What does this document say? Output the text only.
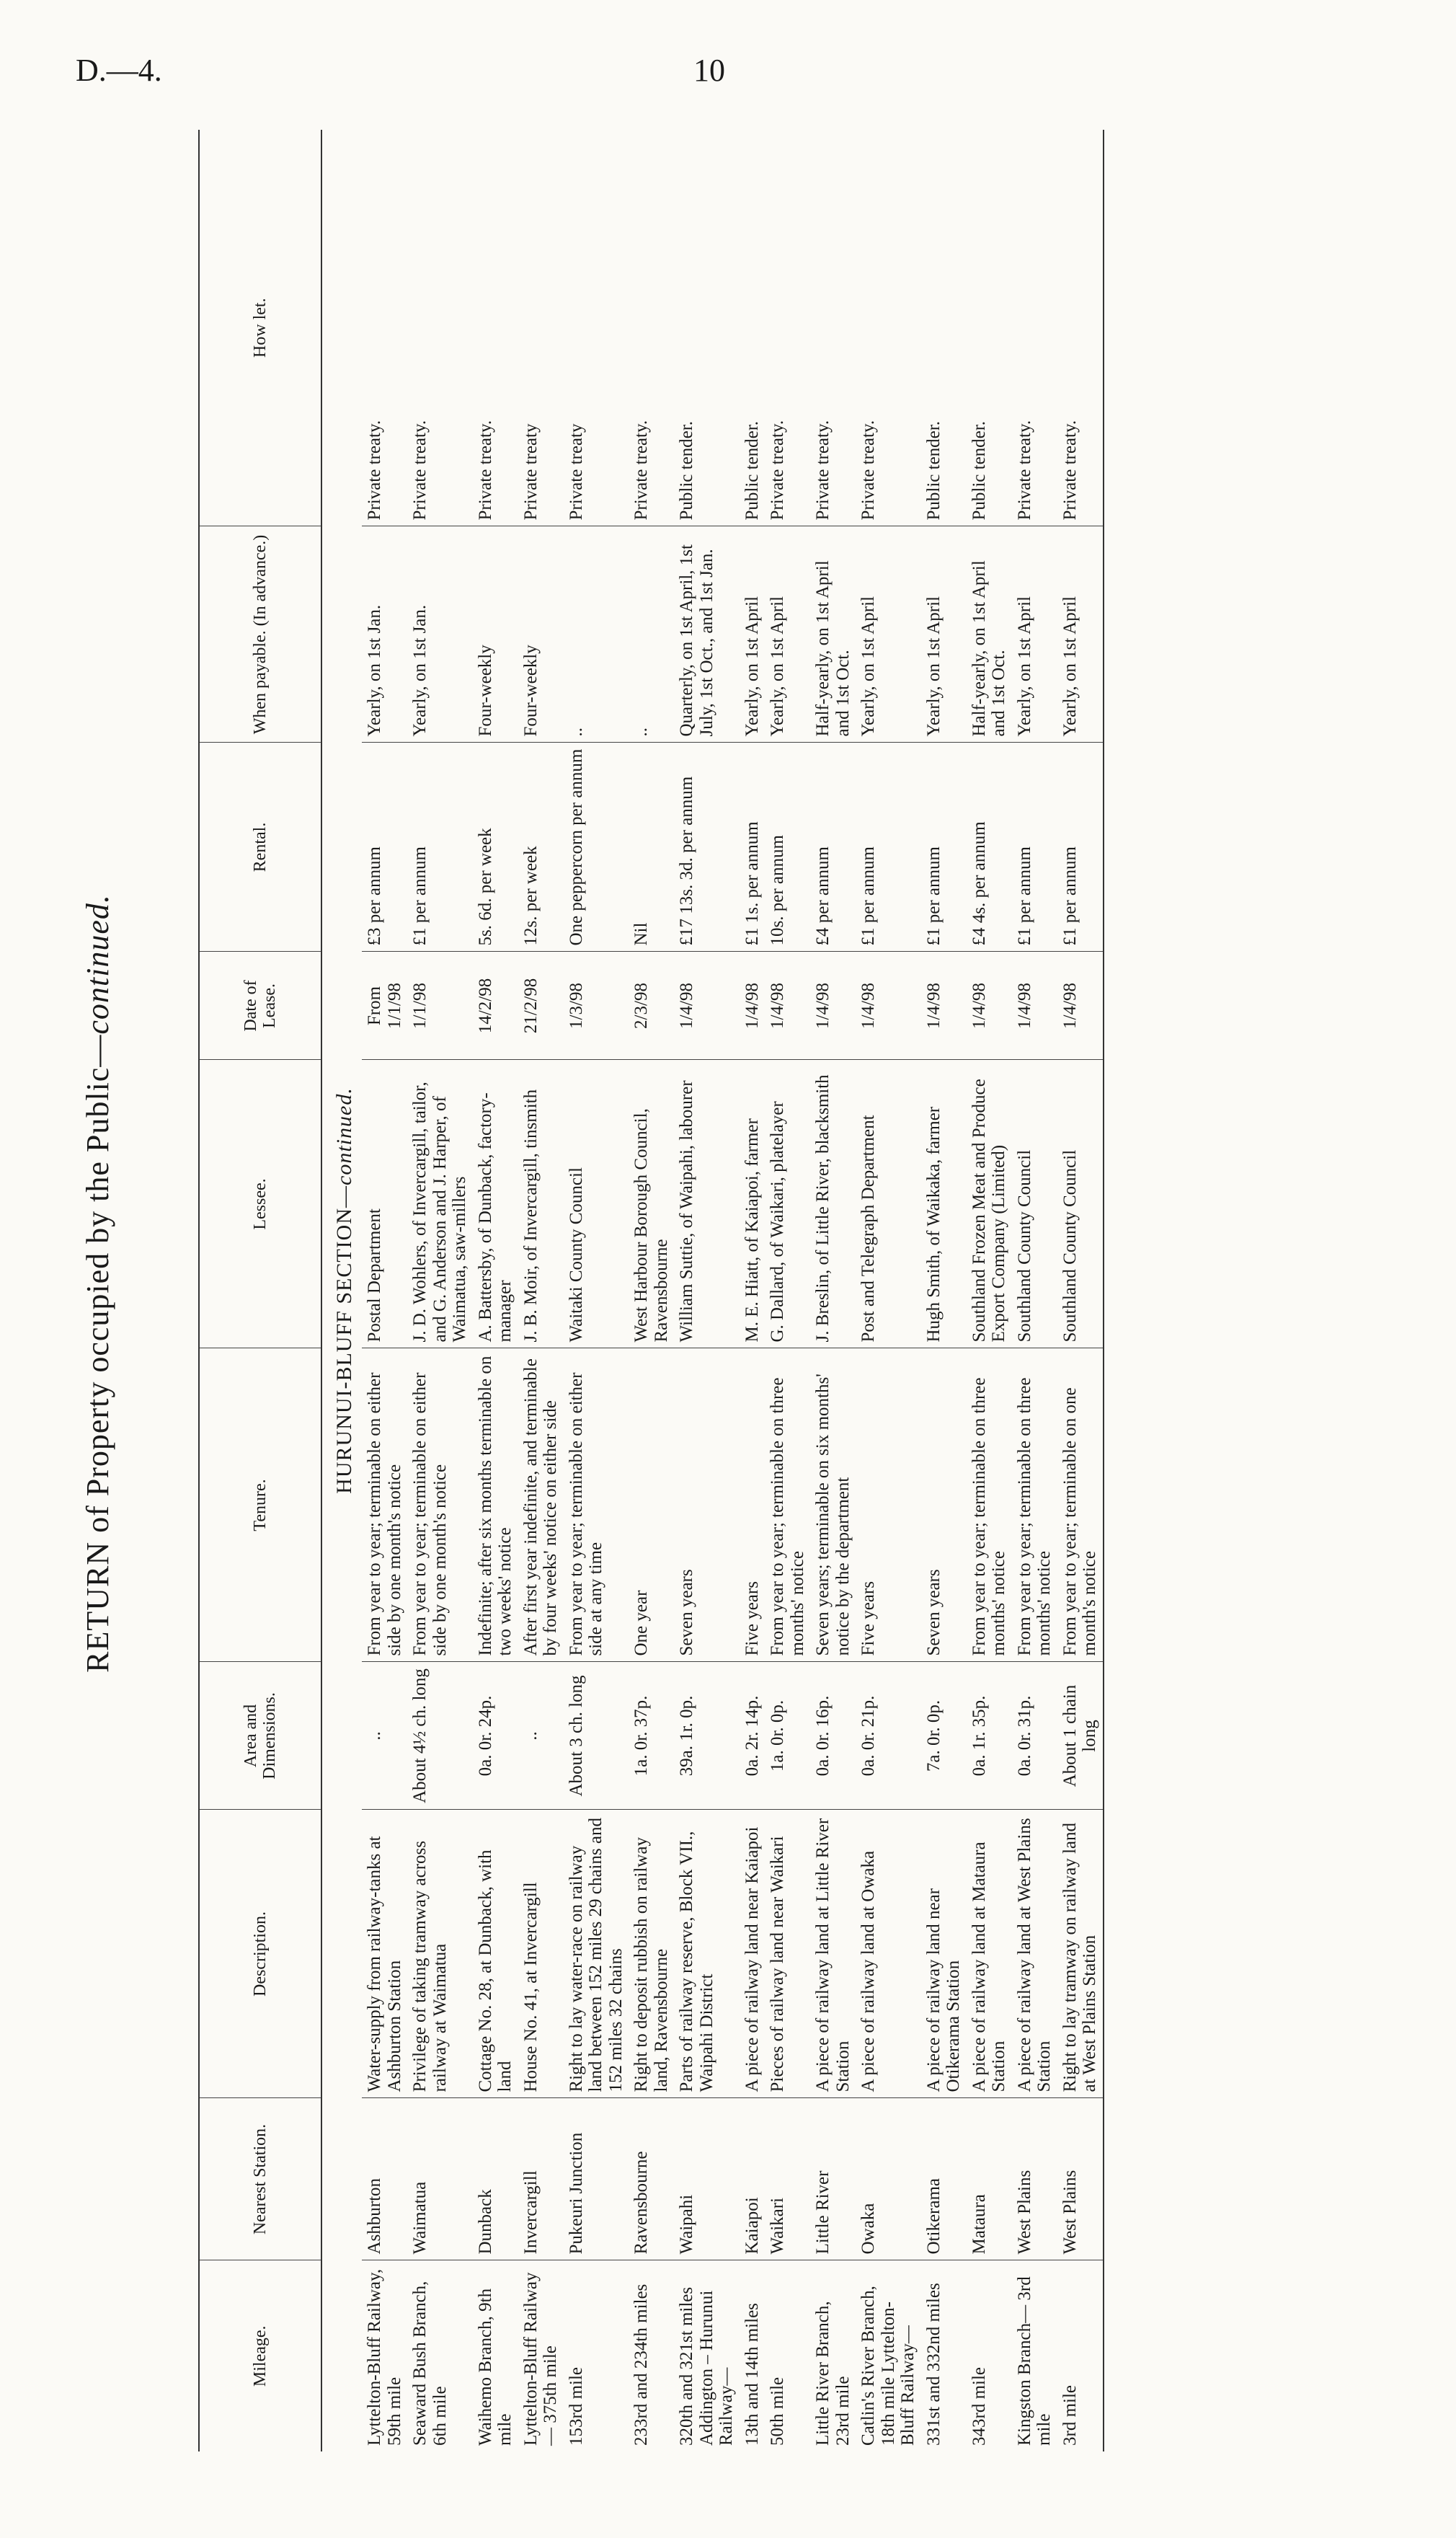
D.—4.	10
RETURN of Property occupied by the Public—continued.
Mileage.	Nearest Station.	Description.	Area and Dimensions.	Tenure.	Lessee.	Date of Lease.	Rental.	When payable. (In advance.)	How let.
HURUNUI-BLUFF SECTION—continued.									
Lyttelton-Bluff Railway, 59th mile	Ashburton	Water-supply from railway-tanks at Ashburton Station	..	From year to year; terminable on either side by one month's notice	Postal Department	From 1/1/98	£3 per annum	Yearly, on 1st Jan.	Private treaty.
Seaward Bush Branch, 6th mile	Waimatua	Privilege of taking tramway across railway at Waimatua	About 4½ ch. long	From year to year; terminable on either side by one month's notice	J. D. Wohlers, of Invercargill, tailor, and G. Anderson and J. Harper, of Waimatua, saw-millers	1/1/98	£1 per annum	Yearly, on 1st Jan.	Private treaty.
Waihemo Branch, 9th mile	Dunback	Cottage No. 28, at Dunback, with land	0a. 0r. 24p.	Indefinite; after six months terminable on two weeks' notice	A. Battersby, of Dunback, factory-manager	14/2/98	5s. 6d. per week	Four-weekly	Private treaty.
Lyttelton-Bluff Railway— 375th mile	Invercargill	House No. 41, at Invercargill	..	After first year indefinite, and terminable by four weeks' notice on either side	J. B. Moir, of Invercargill, tinsmith	21/2/98	12s. per week	Four-weekly	Private treaty
153rd mile	Pukeuri Junction	Right to lay water-race on railway land between 152 miles 29 chains and 152 miles 32 chains	About 3 ch. long	From year to year; terminable on either side at any time	Waitaki County Council	1/3/98	One peppercorn per annum	..	Private treaty
233rd and 234th miles	Ravensbourne	Right to deposit rubbish on railway land, Ravensbourne	1a. 0r. 37p.	One year	West Harbour Borough Council, Ravensbourne	2/3/98	Nil	..	Private treaty.
320th and 321st miles Addington – Hurunui Railway—	Waipahi	Parts of railway reserve, Block VII., Waipahi District	39a. 1r. 0p.	Seven years	William Suttie, of Waipahi, labourer	1/4/98	£17 13s. 3d. per annum	Quarterly, on 1st April, 1st July, 1st Oct., and 1st Jan.	Public tender.
13th and 14th miles	Kaiapoi	A piece of railway land near Kaiapoi	0a. 2r. 14p.	Five years	M. E. Hiatt, of Kaiapoi, farmer	1/4/98	£1 1s. per annum	Yearly, on 1st April	Public tender.
50th mile	Waikari	Pieces of railway land near Waikari	1a. 0r. 0p.	From year to year; terminable on three months' notice	G. Dallard, of Waikari, platelayer	1/4/98	10s. per annum	Yearly, on 1st April	Private treaty.
Little River Branch, 23rd mile	Little River	A piece of railway land at Little River Station	0a. 0r. 16p.	Seven years; terminable on six months' notice by the department	J. Breslin, of Little River, blacksmith	1/4/98	£4 per annum	Half-yearly, on 1st April and 1st Oct.	Private treaty.
Catlin's River Branch, 18th mile Lyttelton-Bluff Railway—	Owaka	A piece of railway land at Owaka	0a. 0r. 21p.	Five years	Post and Telegraph Department	1/4/98	£1 per annum	Yearly, on 1st April	Private treaty.
331st and 332nd miles	Otikerama	A piece of railway land near Otikerama Station	7a. 0r. 0p.	Seven years	Hugh Smith, of Waikaka, farmer	1/4/98	£1 per annum	Yearly, on 1st April	Public tender.
343rd mile	Mataura	A piece of railway land at Mataura Station	0a. 1r. 35p.	From year to year; terminable on three months' notice	Southland Frozen Meat and Produce Export Company (Limited)	1/4/98	£4 4s. per annum	Half-yearly, on 1st April and 1st Oct.	Public tender.
Kingston Branch— 3rd mile	West Plains	A piece of railway land at West Plains Station	0a. 0r. 31p.	From year to year; terminable on three months' notice	Southland County Council	1/4/98	£1 per annum	Yearly, on 1st April	Private treaty.
3rd mile	West Plains	Right to lay tramway on railway land at West Plains Station	About 1 chain long	From year to year; terminable on one month's notice	Southland County Council	1/4/98	£1 per annum	Yearly, on 1st April	Private treaty.
